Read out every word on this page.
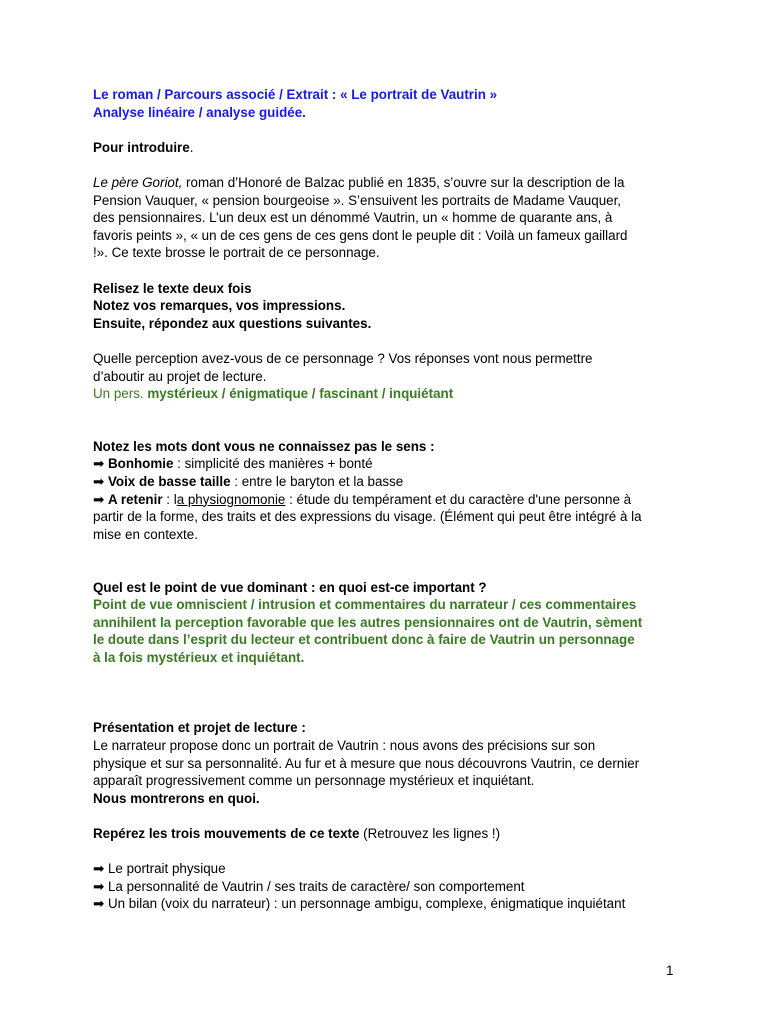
Le roman / Parcours associé / Extrait : « Le portrait de Vautrin »
Analyse linéaire / analyse guidée.
Pour introduire.
Le père Goriot, roman d’Honoré de Balzac publié en 1835, s’ouvre sur la description de la
Pension Vauquer, « pension bourgeoise ». S’ensuivent les portraits de Madame Vauquer,
des pensionnaires. L’un deux est un dénommé Vautrin, un « homme de quarante ans, à
favoris peints », « un de ces gens de ces gens dont le peuple dit : Voilà un fameux gaillard
!». Ce texte brosse le portrait de ce personnage.
Relisez le texte deux fois
Notez vos remarques, vos impressions.
Ensuite, répondez aux questions suivantes.
Quelle perception avez-vous de ce personnage ? Vos réponses vont nous permettre
d’aboutir au projet de lecture.
Un pers. mystérieux / énigmatique / fascinant / inquiétant
Notez les mots dont vous ne connaissez pas le sens :
➡ Bonhomie : simplicité des manières + bonté
➡ Voix de basse taille : entre le baryton et la basse
➡ A retenir : la physiognomonie : étude du tempérament et du caractère d'une personne à
partir de la forme, des traits et des expressions du visage. (Élément qui peut être intégré à la
mise en contexte.
Quel est le point de vue dominant : en quoi est-ce important ?
Point de vue omniscient / intrusion et commentaires du narrateur / ces commentaires
annihilent la perception favorable que les autres pensionnaires ont de Vautrin, sèment
le doute dans l’esprit du lecteur et contribuent donc à faire de Vautrin un personnage
à la fois mystérieux et inquiétant.
Présentation et projet de lecture :
Le narrateur propose donc un portrait de Vautrin : nous avons des précisions sur son
physique et sur sa personnalité. Au fur et à mesure que nous découvrons Vautrin, ce dernier
apparaît progressivement comme un personnage mystérieux et inquiétant.
Nous montrerons en quoi.
Repérez les trois mouvements de ce texte (Retrouvez les lignes !)
➡ Le portrait physique
➡ La personnalité de Vautrin / ses traits de caractère/ son comportement
➡ Un bilan (voix du narrateur) : un personnage ambigu, complexe, énigmatique inquiétant
1
